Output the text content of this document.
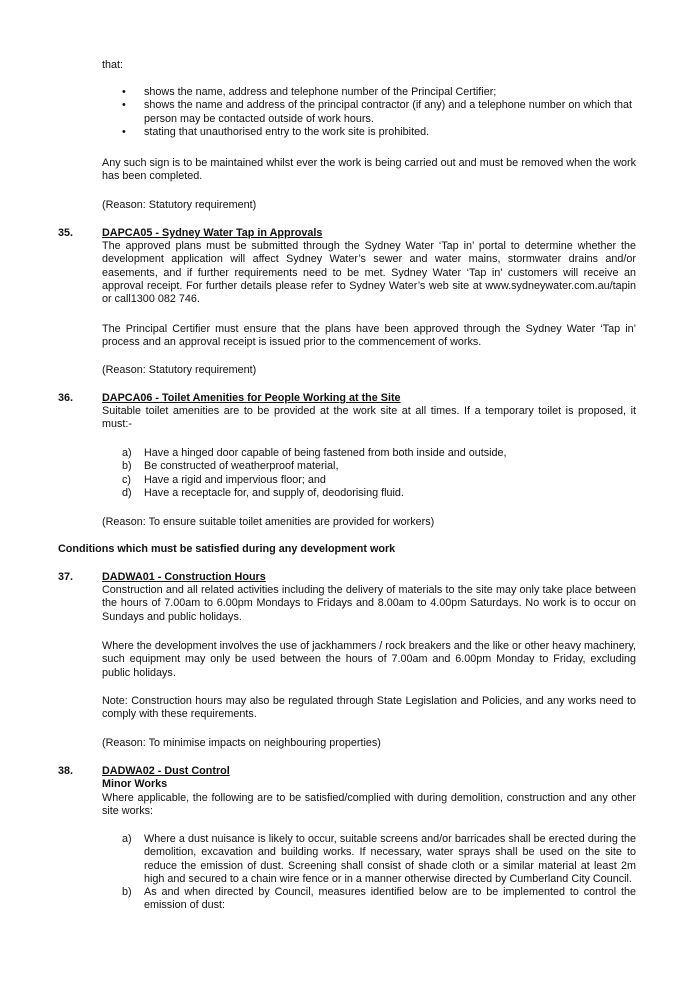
that:

• shows the name, address and telephone number of the Principal Certifier;
• shows the name and address of the principal contractor (if any) and a telephone number on which that person may be contacted outside of work hours.
• stating that unauthorised entry to the work site is prohibited.

Any such sign is to be maintained whilst ever the work is being carried out and must be removed when the work has been completed.

(Reason: Statutory requirement)

35.	DAPCA05 - Sydney Water Tap in Approvals

The approved plans must be submitted through the Sydney Water ‘Tap in’ portal to determine whether the development application will affect Sydney Water’s sewer and water mains, stormwater drains and/or easements, and if further requirements need to be met. Sydney Water ‘Tap in’ customers will receive an approval receipt. For further details please refer to Sydney Water’s web site at www.sydneywater.com.au/tapin or call1300 082 746.

The Principal Certifier must ensure that the plans have been approved through the Sydney Water ‘Tap in’ process and an approval receipt is issued prior to the commencement of works.

(Reason: Statutory requirement)

36.	DAPCA06 - Toilet Amenities for People Working at the Site

Suitable toilet amenities are to be provided at the work site at all times. If a temporary toilet is proposed, it must:-

a) Have a hinged door capable of being fastened from both inside and outside,
b) Be constructed of weatherproof material,
c) Have a rigid and impervious floor; and
d) Have a receptacle for, and supply of, deodorising fluid.

(Reason: To ensure suitable toilet amenities are provided for workers)

Conditions which must be satisfied during any development work
37.	DADWA01 - Construction Hours

Construction and all related activities including the delivery of materials to the site may only take place between the hours of 7.00am to 6.00pm Mondays to Fridays and 8.00am to 4.00pm Saturdays. No work is to occur on Sundays and public holidays.

Where the development involves the use of jackhammers / rock breakers and the like or other heavy machinery, such equipment may only be used between the hours of 7.00am and 6.00pm Monday to Friday, excluding public holidays.

Note: Construction hours may also be regulated through State Legislation and Policies, and any works need to comply with these requirements.

(Reason: To minimise impacts on neighbouring properties)

38.	DADWA02 - Dust Control
Minor Works

Where applicable, the following are to be satisfied/complied with during demolition, construction and any other site works:

a) Where a dust nuisance is likely to occur, suitable screens and/or barricades shall be erected during the demolition, excavation and building works. If necessary, water sprays shall be used on the site to reduce the emission of dust. Screening shall consist of shade cloth or a similar material at least 2m high and secured to a chain wire fence or in a manner otherwise directed by Cumberland City Council.
b) As and when directed by Council, measures identified below are to be implemented to control the emission of dust:
